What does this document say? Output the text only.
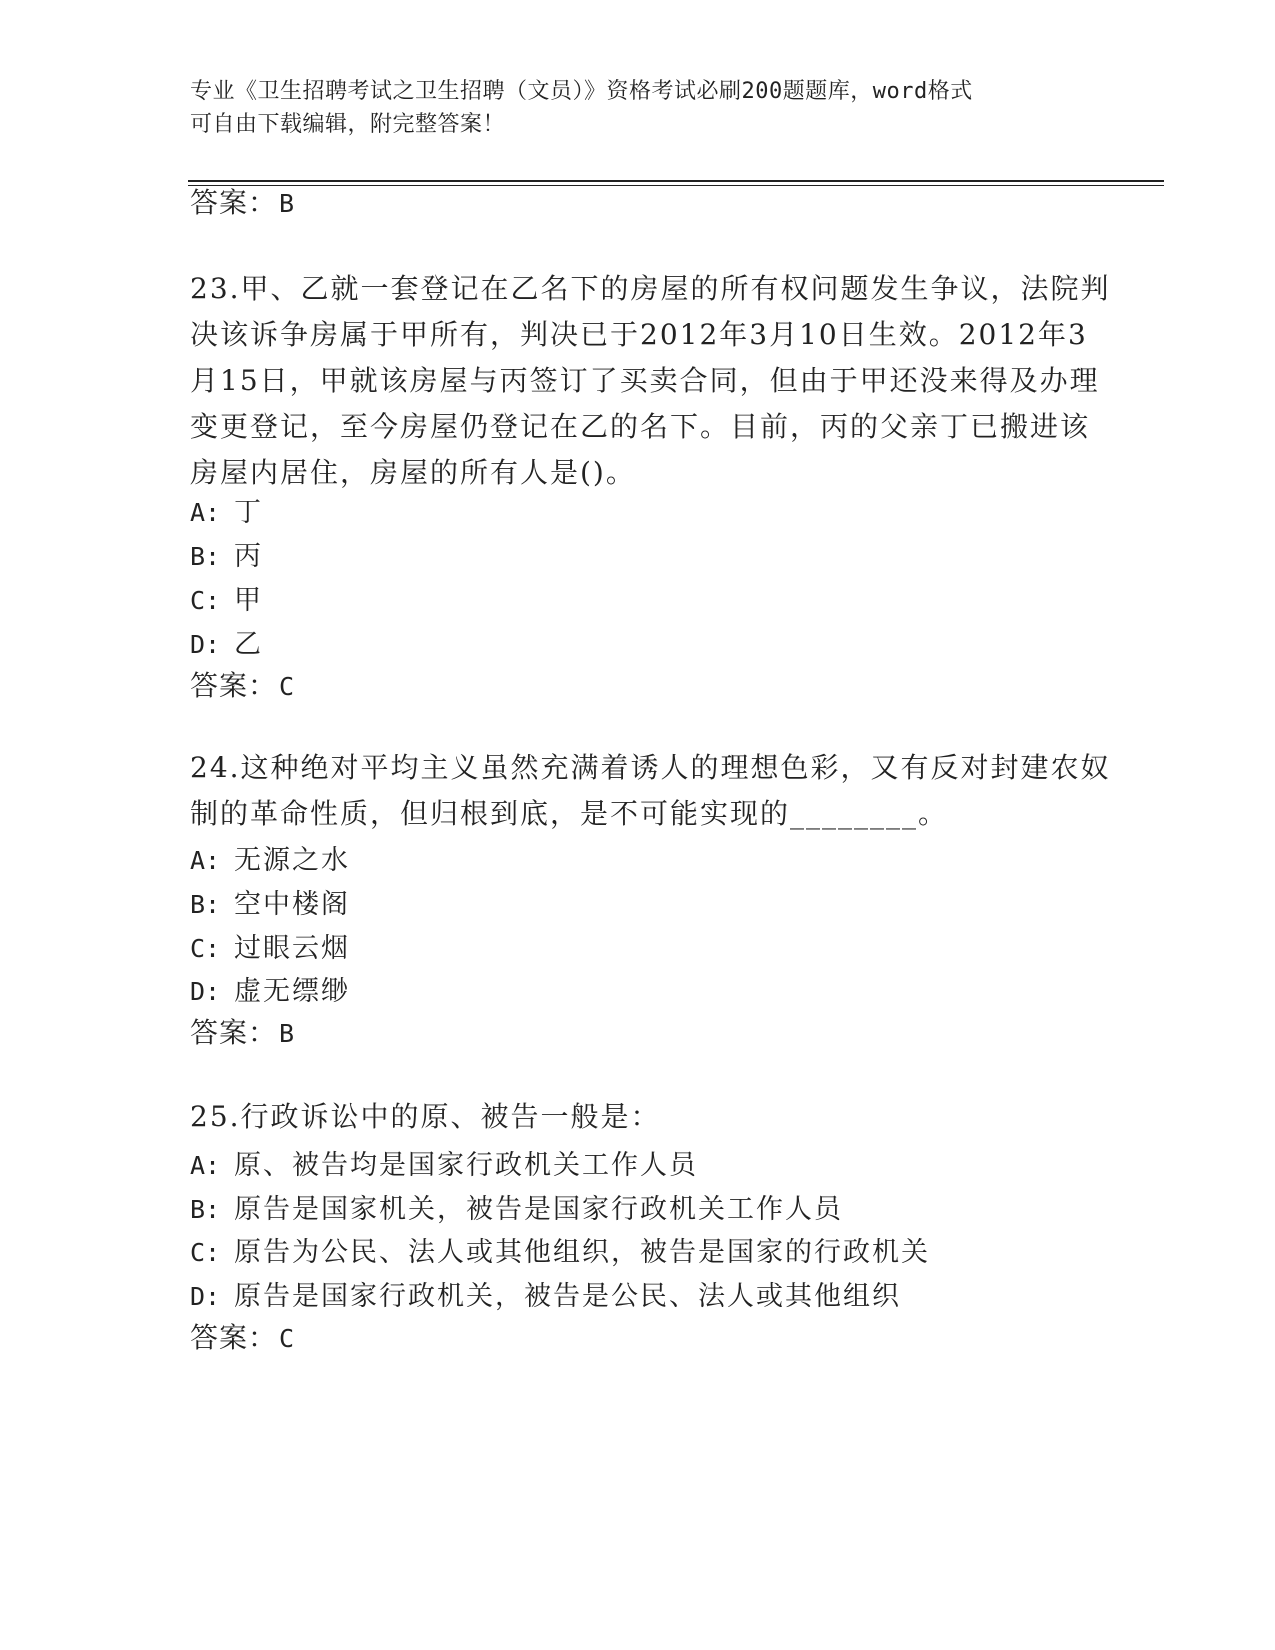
专业《卫生招聘考试之卫生招聘（文员）》资格考试必刷200题题库，word格式
可自由下载编辑，附完整答案！
答案：B
23.甲、乙就一套登记在乙名下的房屋的所有权问题发生争议，法院判
决该诉争房属于甲所有，判决已于2012年3月10日生效。2012年3
月15日，甲就该房屋与丙签订了买卖合同，但由于甲还没来得及办理
变更登记，至今房屋仍登记在乙的名下。目前，丙的父亲丁已搬进该
房屋内居住，房屋的所有人是()。
A: 丁
B: 丙
C: 甲
D: 乙
答案：C
24.这种绝对平均主义虽然充满着诱人的理想色彩，又有反对封建农奴
制的革命性质，但归根到底，是不可能实现的________。
A: 无源之水
B: 空中楼阁
C: 过眼云烟
D: 虚无缥缈
答案：B
25.行政诉讼中的原、被告一般是：
A: 原、被告均是国家行政机关工作人员
B: 原告是国家机关，被告是国家行政机关工作人员
C: 原告为公民、法人或其他组织，被告是国家的行政机关
D: 原告是国家行政机关，被告是公民、法人或其他组织
答案：C
